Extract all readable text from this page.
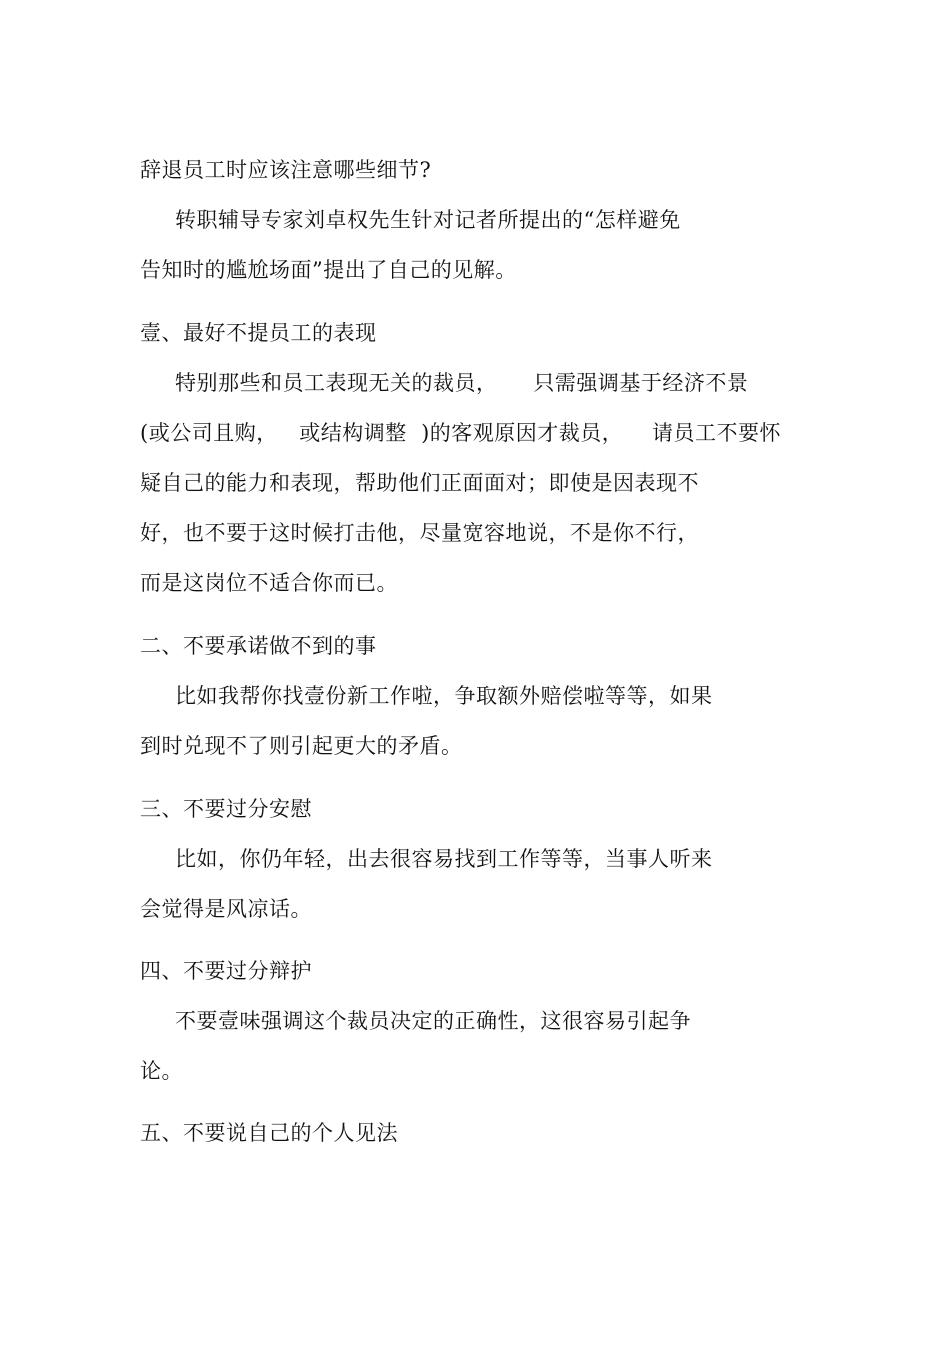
辞退员工时应该注意哪些细节?
转职辅导专家刘卓权先生针对记者所提出的“怎样避免
告知时的尴尬场面”提出了自己的见解。
壹、最好不提员工的表现
特别那些和员工表现无关的裁员，     只需强调基于经济不景
(或公司且购，   或结构调整  )的客观原因才裁员，    请员工不要怀
疑自己的能力和表现，帮助他们正面面对；即使是因表现不
好，也不要于这时候打击他，尽量宽容地说，不是你不行，
而是这岗位不适合你而已。
二、不要承诺做不到的事
比如我帮你找壹份新工作啦，争取额外赔偿啦等等，如果
到时兑现不了则引起更大的矛盾。
三、不要过分安慰
比如，你仍年轻，出去很容易找到工作等等，当事人听来
会觉得是风凉话。
四、不要过分辩护
不要壹味强调这个裁员决定的正确性，这很容易引起争
论。
五、不要说自己的个人见法
